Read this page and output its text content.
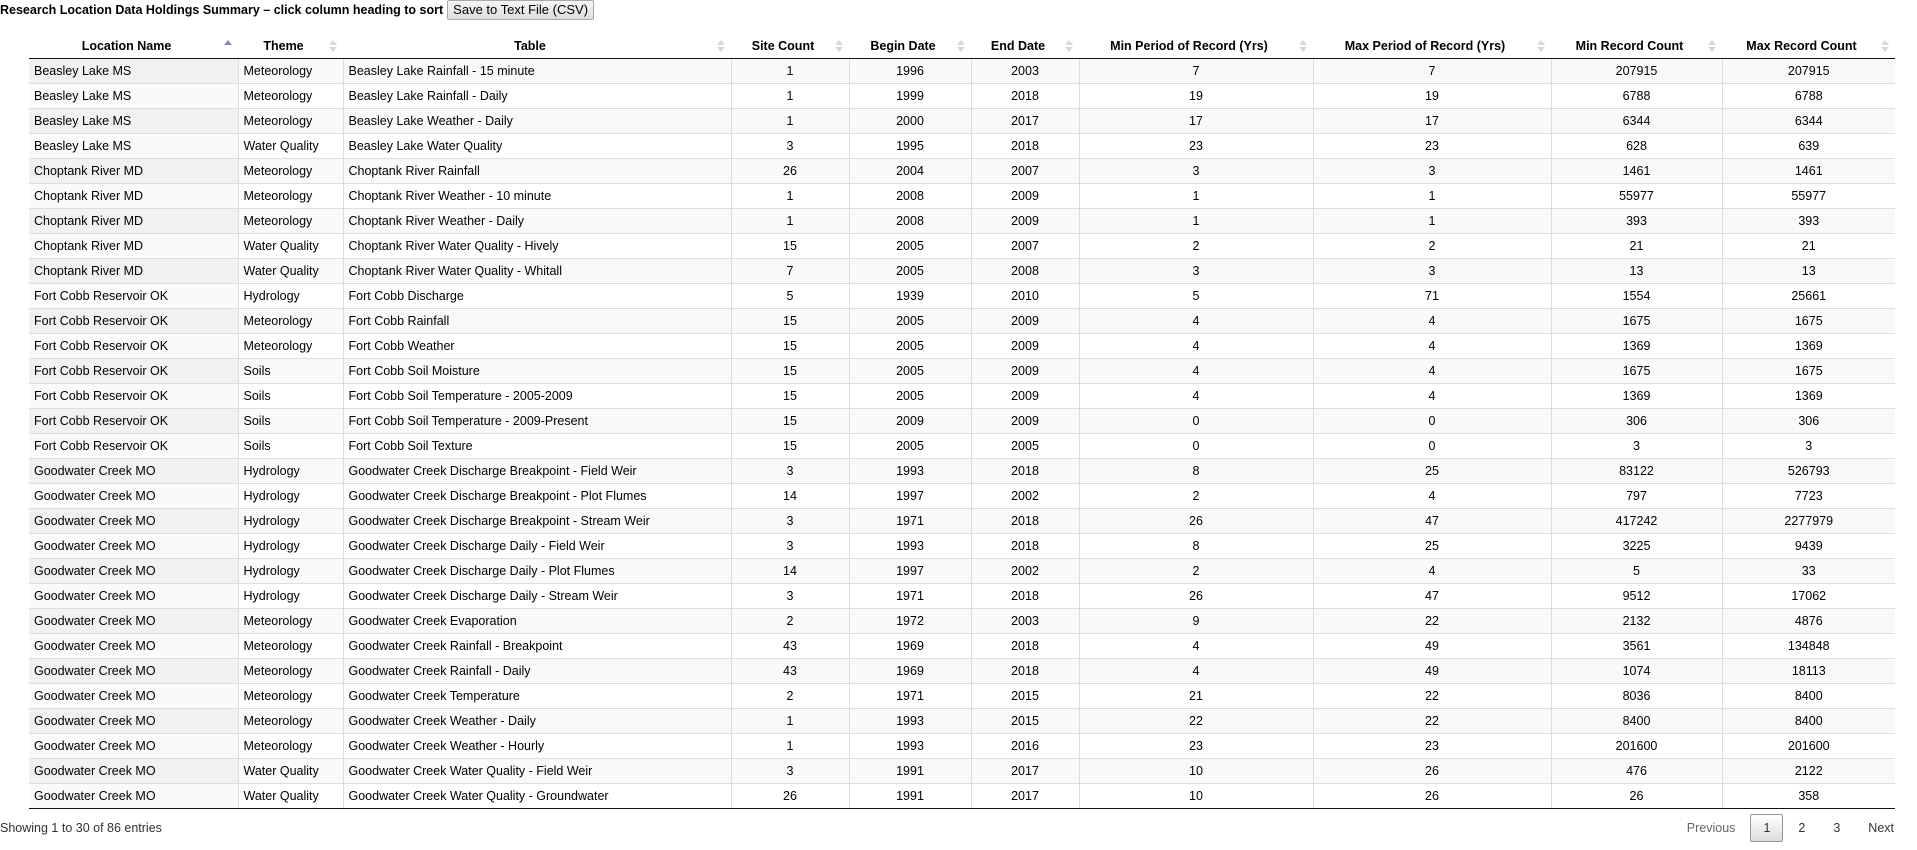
Research Location Data Holdings Summary – click column heading to sort Save to Text File (CSV)
Location Name	Theme	Table	Site Count	Begin Date	End Date	Min Period of Record (Yrs)	Max Period of Record (Yrs)	Min Record Count	Max Record Count

Beasley Lake MS	Meteorology	Beasley Lake Rainfall - 15 minute	1	1996	2003	7	7	207915	207915
Beasley Lake MS	Meteorology	Beasley Lake Rainfall - Daily	1	1999	2018	19	19	6788	6788
Beasley Lake MS	Meteorology	Beasley Lake Weather - Daily	1	2000	2017	17	17	6344	6344
Beasley Lake MS	Water Quality	Beasley Lake Water Quality	3	1995	2018	23	23	628	639
Choptank River MD	Meteorology	Choptank River Rainfall	26	2004	2007	3	3	1461	1461
Choptank River MD	Meteorology	Choptank River Weather - 10 minute	1	2008	2009	1	1	55977	55977
Choptank River MD	Meteorology	Choptank River Weather - Daily	1	2008	2009	1	1	393	393
Choptank River MD	Water Quality	Choptank River Water Quality - Hively	15	2005	2007	2	2	21	21
Choptank River MD	Water Quality	Choptank River Water Quality - Whitall	7	2005	2008	3	3	13	13
Fort Cobb Reservoir OK	Hydrology	Fort Cobb Discharge	5	1939	2010	5	71	1554	25661
Fort Cobb Reservoir OK	Meteorology	Fort Cobb Rainfall	15	2005	2009	4	4	1675	1675
Fort Cobb Reservoir OK	Meteorology	Fort Cobb Weather	15	2005	2009	4	4	1369	1369
Fort Cobb Reservoir OK	Soils	Fort Cobb Soil Moisture	15	2005	2009	4	4	1675	1675
Fort Cobb Reservoir OK	Soils	Fort Cobb Soil Temperature - 2005-2009	15	2005	2009	4	4	1369	1369
Fort Cobb Reservoir OK	Soils	Fort Cobb Soil Temperature - 2009-Present	15	2009	2009	0	0	306	306
Fort Cobb Reservoir OK	Soils	Fort Cobb Soil Texture	15	2005	2005	0	0	3	3
Goodwater Creek MO	Hydrology	Goodwater Creek Discharge Breakpoint - Field Weir	3	1993	2018	8	25	83122	526793
Goodwater Creek MO	Hydrology	Goodwater Creek Discharge Breakpoint - Plot Flumes	14	1997	2002	2	4	797	7723
Goodwater Creek MO	Hydrology	Goodwater Creek Discharge Breakpoint - Stream Weir	3	1971	2018	26	47	417242	2277979
Goodwater Creek MO	Hydrology	Goodwater Creek Discharge Daily - Field Weir	3	1993	2018	8	25	3225	9439
Goodwater Creek MO	Hydrology	Goodwater Creek Discharge Daily - Plot Flumes	14	1997	2002	2	4	5	33
Goodwater Creek MO	Hydrology	Goodwater Creek Discharge Daily - Stream Weir	3	1971	2018	26	47	9512	17062
Goodwater Creek MO	Meteorology	Goodwater Creek Evaporation	2	1972	2003	9	22	2132	4876
Goodwater Creek MO	Meteorology	Goodwater Creek Rainfall - Breakpoint	43	1969	2018	4	49	3561	134848
Goodwater Creek MO	Meteorology	Goodwater Creek Rainfall - Daily	43	1969	2018	4	49	1074	18113
Goodwater Creek MO	Meteorology	Goodwater Creek Temperature	2	1971	2015	21	22	8036	8400
Goodwater Creek MO	Meteorology	Goodwater Creek Weather - Daily	1	1993	2015	22	22	8400	8400
Goodwater Creek MO	Meteorology	Goodwater Creek Weather - Hourly	1	1993	2016	23	23	201600	201600
Goodwater Creek MO	Water Quality	Goodwater Creek Water Quality - Field Weir	3	1991	2017	10	26	476	2122
Goodwater Creek MO	Water Quality	Goodwater Creek Water Quality - Groundwater	26	1991	2017	10	26	26	358
Showing 1 to 30 of 86 entries	Previous	1	2	3	Next
